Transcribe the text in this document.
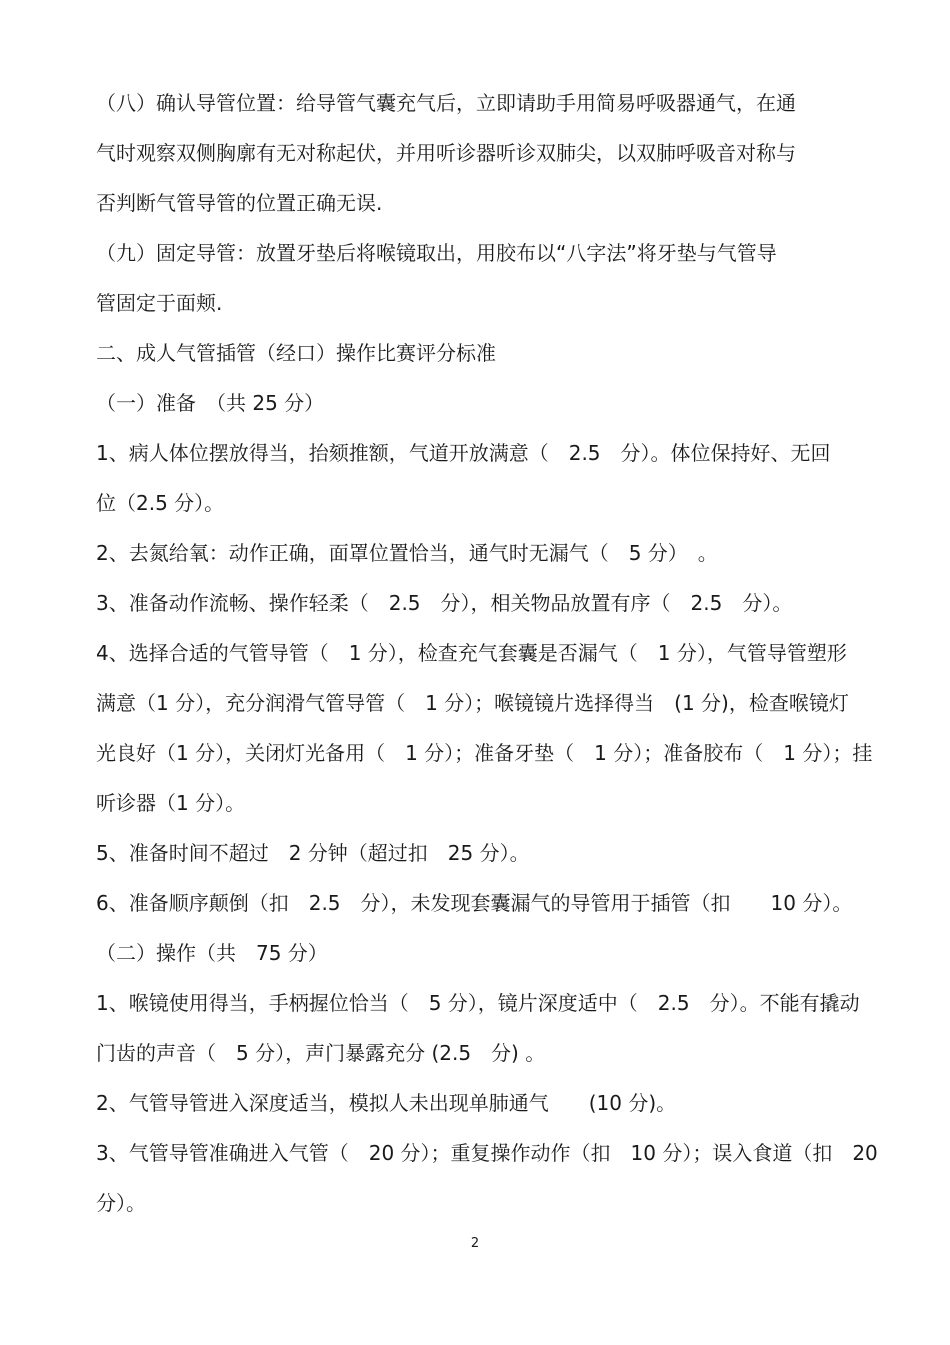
（八）确认导管位置：给导管气囊充气后，立即请助手用简易呼吸器通气，在通
气时观察双侧胸廓有无对称起伏，并用听诊器听诊双肺尖，以双肺呼吸音对称与
否判断气管导管的位置正确无误.
（九）固定导管：放置牙垫后将喉镜取出，用胶布以“八字法”将牙垫与气管导
管固定于面颊.
二、成人气管插管（经口）操作比赛评分标准
（一）准备　（共 25 分）
1、病人体位摆放得当，抬颏推额，气道开放满意（　2.5　分）。体位保持好、无回
位（2.5 分）。
2、去氮给氧：动作正确，面罩位置恰当，通气时无漏气（　5 分）　。
3、准备动作流畅、操作轻柔（　2.5　分），相关物品放置有序（　2.5　分）。
4、选择合适的气管导管（　1 分），检查充气套囊是否漏气（　1 分），气管导管塑形
满意（1 分），充分润滑气管导管（　1 分）；喉镜镜片选择得当　(1 分)，检查喉镜灯
光良好（1 分），关闭灯光备用（　1 分）；准备牙垫（　1 分）；准备胶布（　1 分）；挂
听诊器（1 分）。
5、准备时间不超过　2 分钟（超过扣　25 分）。
6、准备顺序颠倒（扣　2.5　分），未发现套囊漏气的导管用于插管（扣　　10 分）。
（二）操作（共　75 分）
1、喉镜使用得当，手柄握位恰当（　5 分），镜片深度适中（　2.5　分）。不能有撬动
门齿的声音（　5 分），声门暴露充分 (2.5　分) 。
2、气管导管进入深度适当，模拟人未出现单肺通气　　(10 分)。
3、气管导管准确进入气管（　20 分）；重复操作动作（扣　10 分）；误入食道（扣　20
分）。
2
